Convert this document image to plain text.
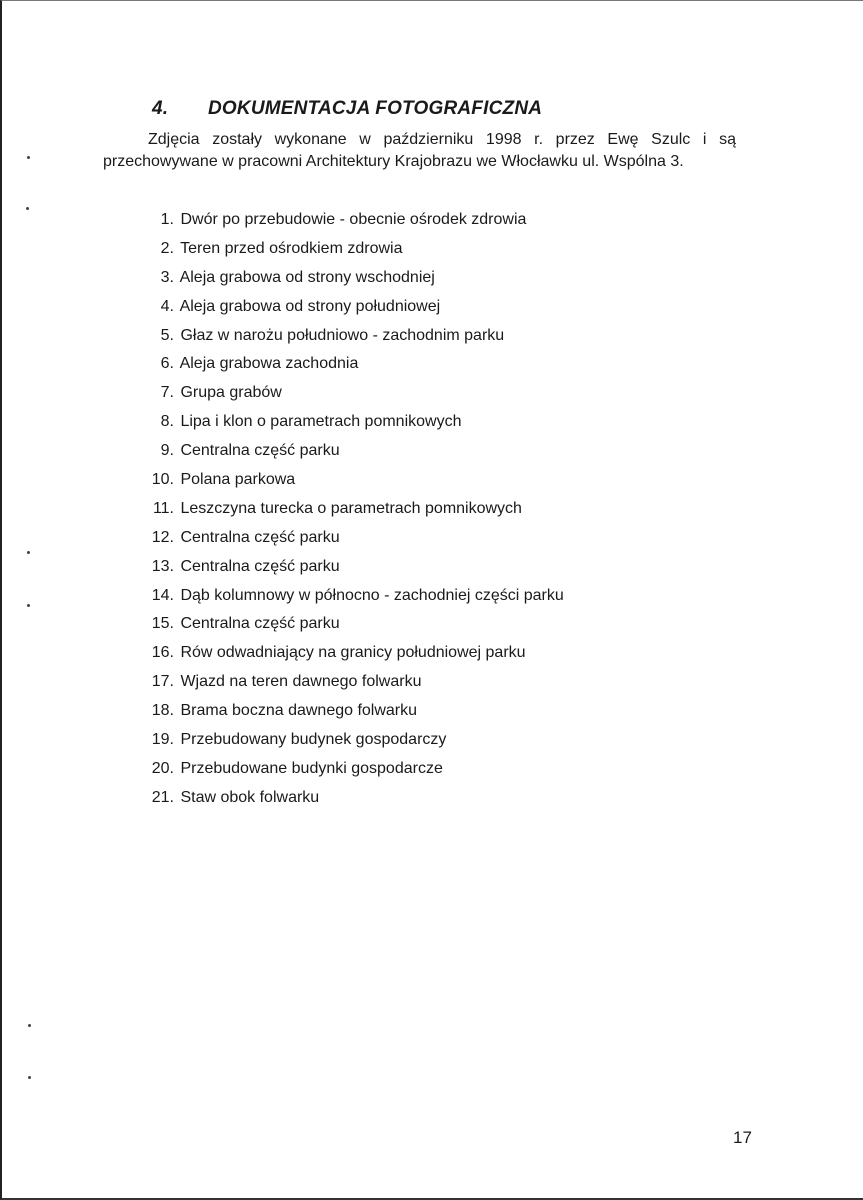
4. DOKUMENTACJA FOTOGRAFICZNA
Zdjęcia zostały wykonane w październiku 1998 r. przez Ewę Szulc i są
przechowywane w pracowni Architektury Krajobrazu we Włocławku ul. Wspólna 3.
1. Dwór po przebudowie - obecnie ośrodek zdrowia
2. Teren przed ośrodkiem zdrowia
3. Aleja grabowa od strony wschodniej
4. Aleja grabowa od strony południowej
5. Głaz w narożu południowo - zachodnim parku
6. Aleja grabowa zachodnia
7. Grupa grabów
8. Lipa i klon o parametrach pomnikowych
9. Centralna część parku
10. Polana parkowa
11. Leszczyna turecka o parametrach pomnikowych
12. Centralna część parku
13. Centralna część parku
14. Dąb kolumnowy w północno - zachodniej części parku
15. Centralna część parku
16. Rów odwadniający na granicy południowej parku
17. Wjazd na teren dawnego folwarku
18. Brama boczna dawnego folwarku
19. Przebudowany budynek gospodarczy
20. Przebudowane budynki gospodarcze
21. Staw obok folwarku
17
